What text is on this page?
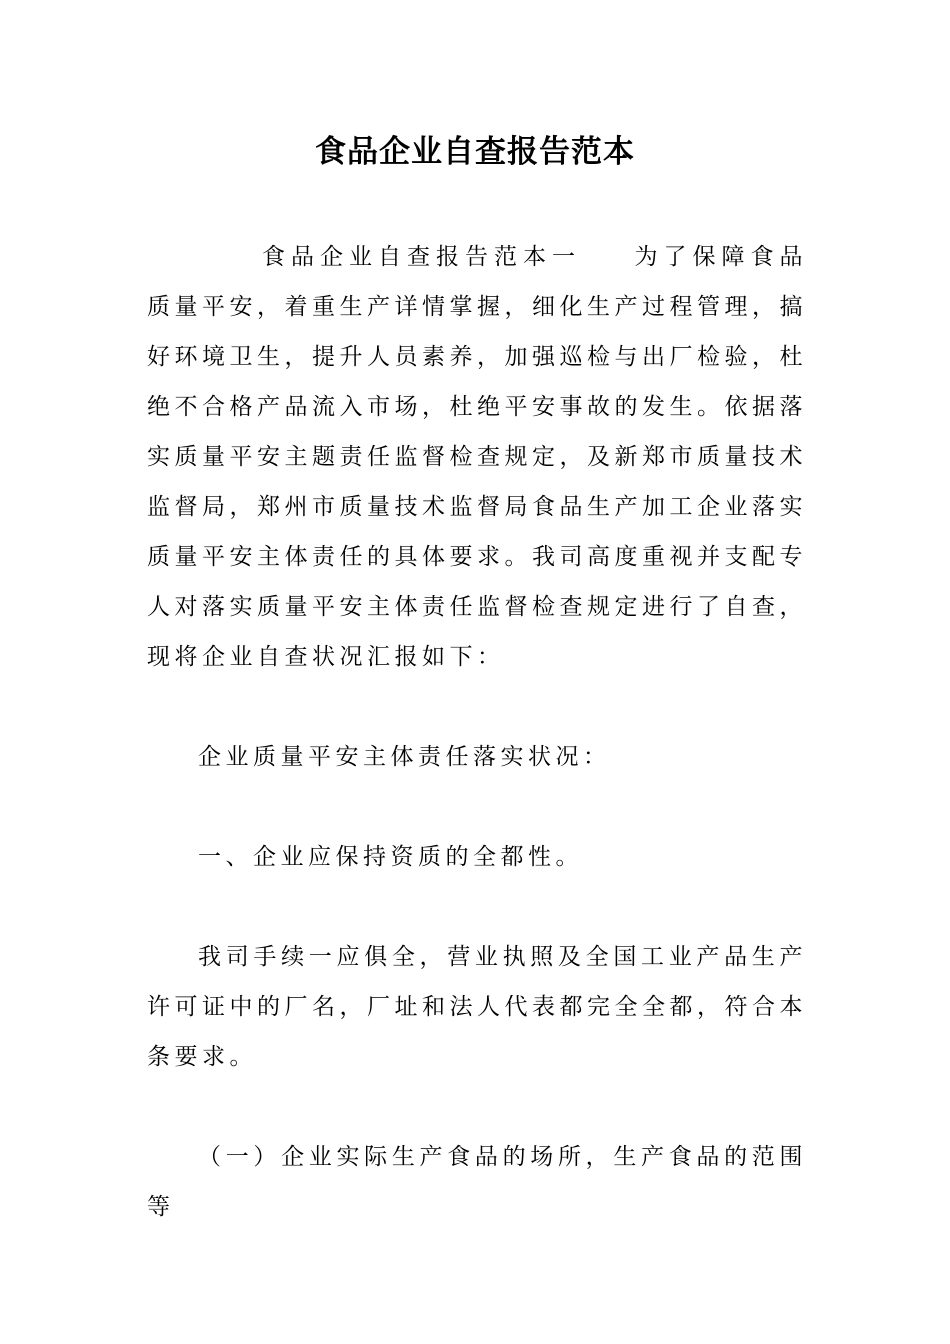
食品企业自查报告范本

食品企业自查报告范本一 为了保障食品质量平安，着重生产详情掌握，细化生产过程管理，搞好环境卫生，提升人员素养，加强巡检与出厂检验，杜绝不合格产品流入市场，杜绝平安事故的发生。依据落实质量平安主题责任监督检查规定，及新郑市质量技术监督局，郑州市质量技术监督局食品生产加工企业落实质量平安主体责任的具体要求。我司高度重视并支配专人对落实质量平安主体责任监督检查规定进行了自查，现将企业自查状况汇报如下：

企业质量平安主体责任落实状况：

一、企业应保持资质的全都性。

我司手续一应俱全，营业执照及全国工业产品生产许可证中的厂名，厂址和法人代表都完全全都，符合本条要求。

（一）企业实际生产食品的场所，生产食品的范围等
